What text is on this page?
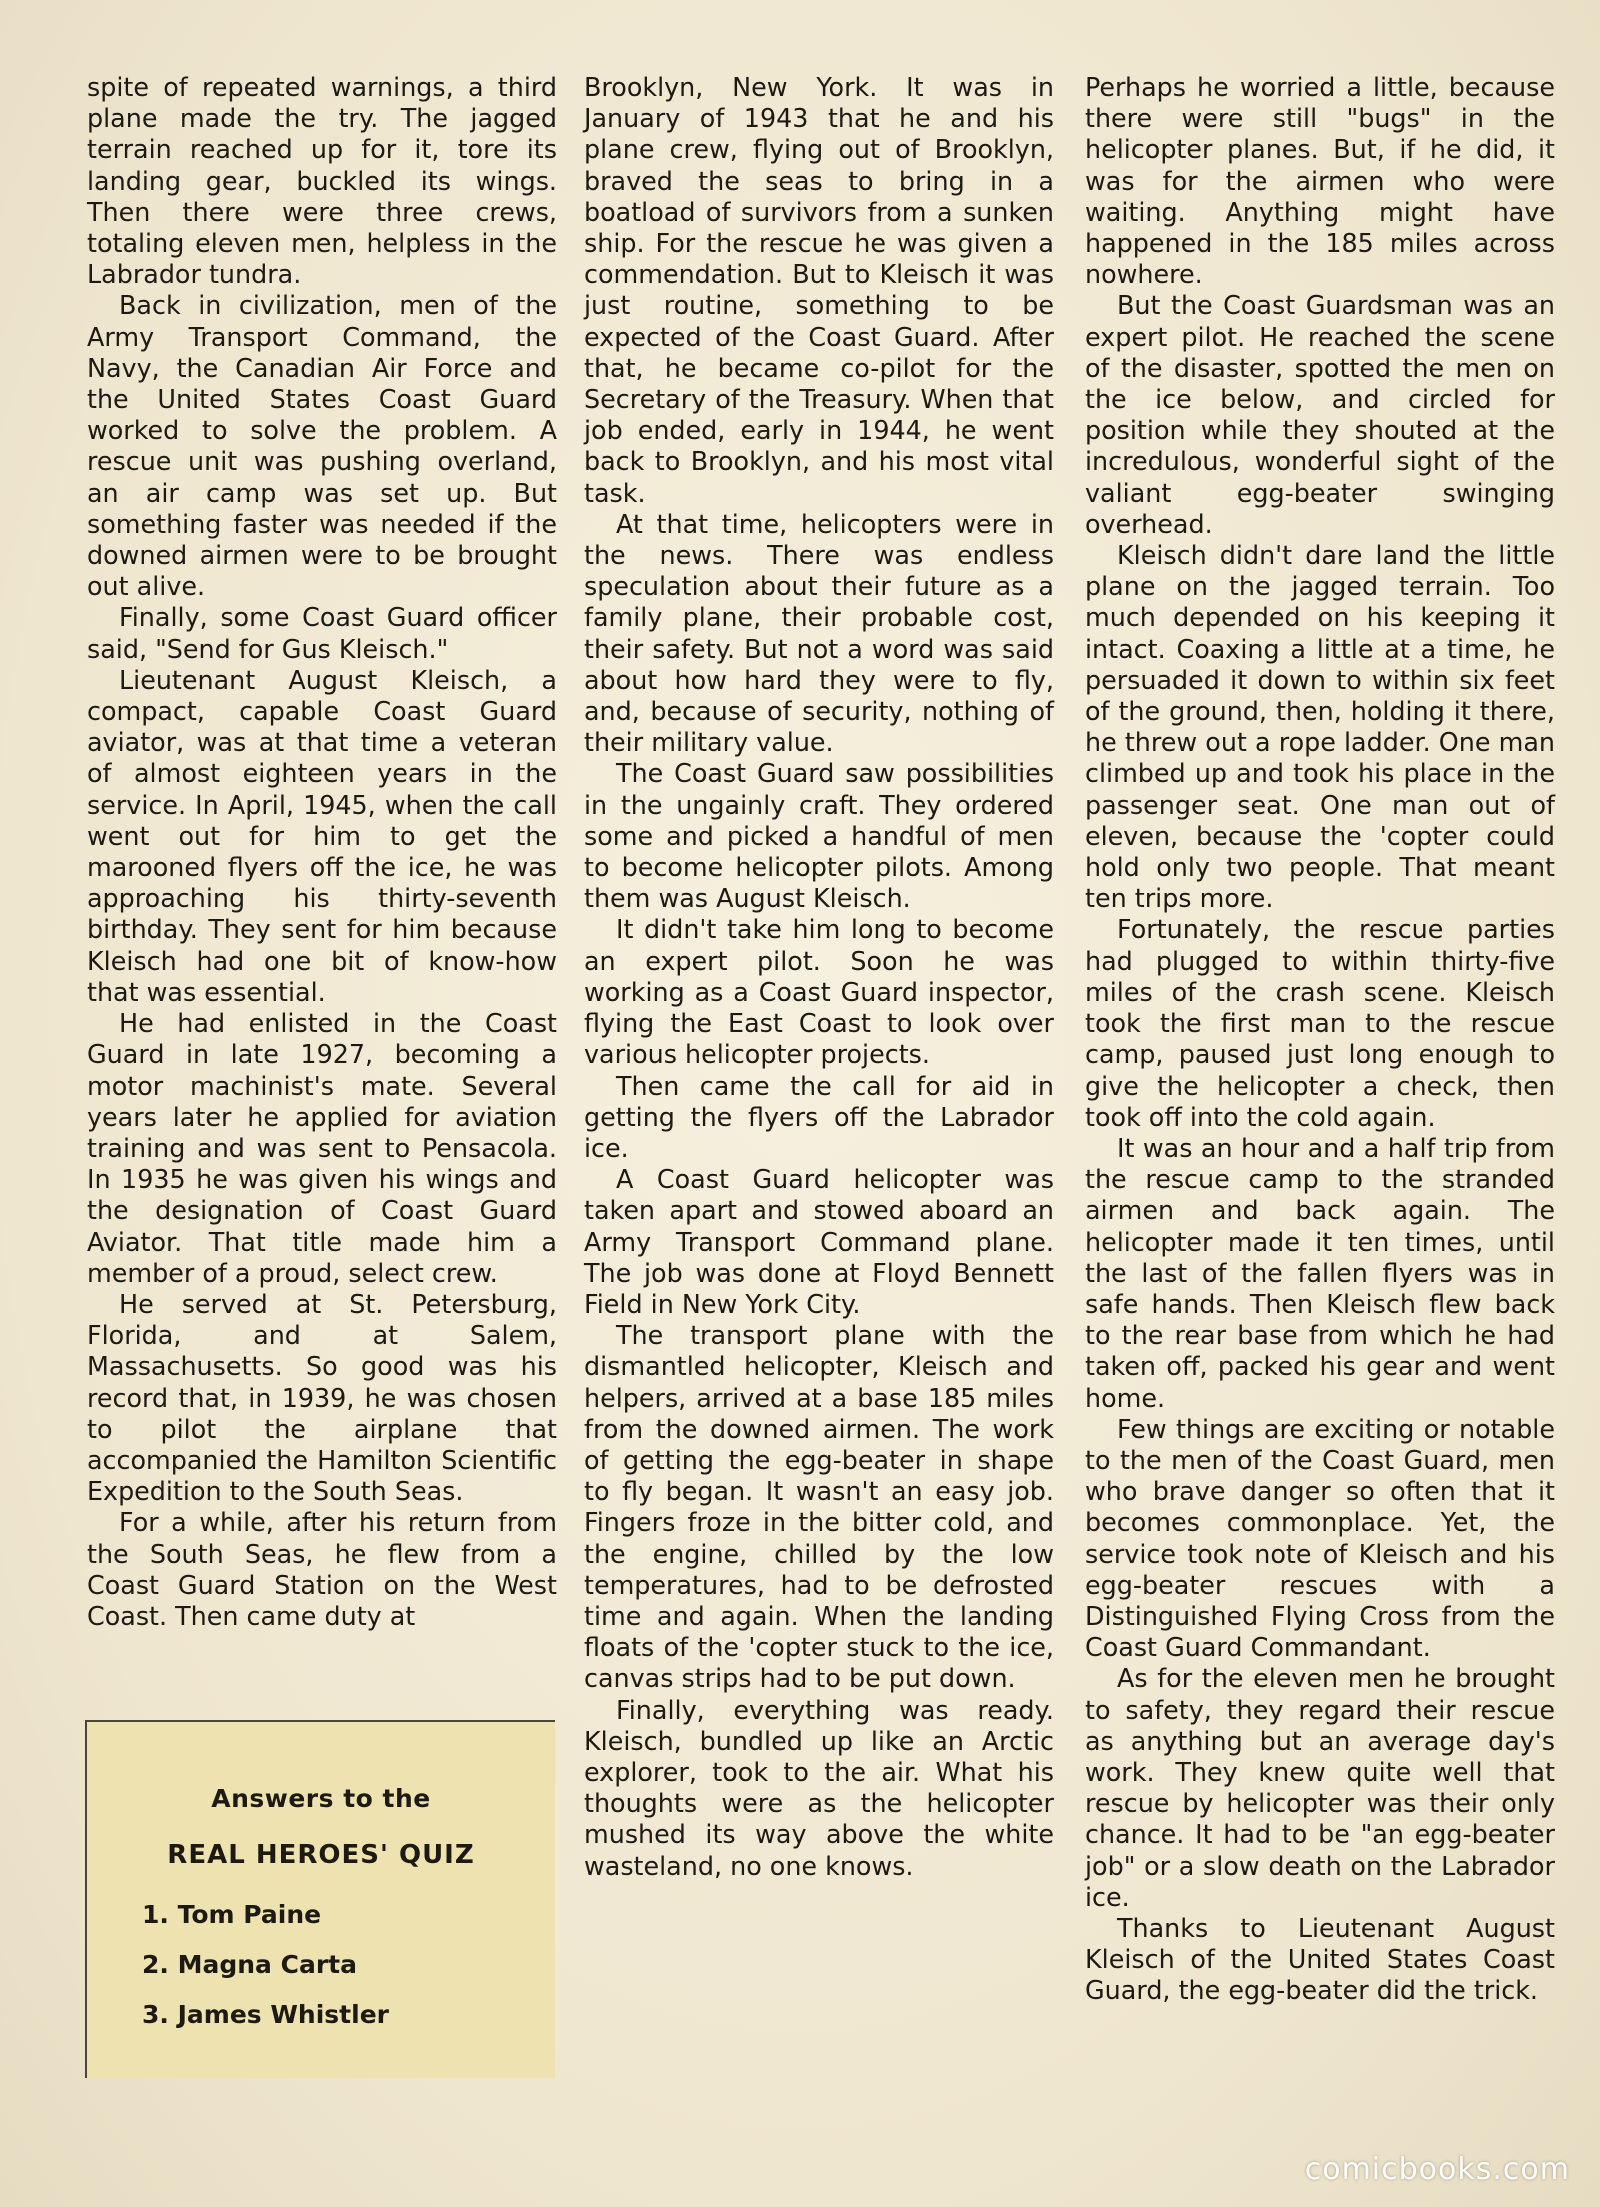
spite of repeated warnings, a third plane made the try. The jagged terrain reached up for it, tore its landing gear, buckled its wings. Then there were three crews, totaling eleven men, helpless in the Labrador tundra.

Back in civilization, men of the Army Transport Command, the Navy, the Canadian Air Force and the United States Coast Guard worked to solve the problem. A rescue unit was pushing overland, an air camp was set up. But something faster was needed if the downed airmen were to be brought out alive.

Finally, some Coast Guard officer said, "Send for Gus Kleisch."

Lieutenant August Kleisch, a compact, capable Coast Guard aviator, was at that time a veteran of almost eighteen years in the service. In April, 1945, when the call went out for him to get the marooned flyers off the ice, he was approaching his thirty-seventh birthday. They sent for him because Kleisch had one bit of know-how that was essential.

He had enlisted in the Coast Guard in late 1927, becoming a motor machinist's mate. Several years later he applied for aviation training and was sent to Pensacola. In 1935 he was given his wings and the designation of Coast Guard Aviator. That title made him a member of a proud, select crew.

He served at St. Petersburg, Florida, and at Salem, Massachusetts. So good was his record that, in 1939, he was chosen to pilot the airplane that accompanied the Hamilton Scientific Expedition to the South Seas.

For a while, after his return from the South Seas, he flew from a Coast Guard Station on the West Coast. Then came duty at

Brooklyn, New York. It was in January of 1943 that he and his plane crew, flying out of Brooklyn, braved the seas to bring in a boatload of survivors from a sunken ship. For the rescue he was given a commendation. But to Kleisch it was just routine, something to be expected of the Coast Guard. After that, he became co-pilot for the Secretary of the Treasury. When that job ended, early in 1944, he went back to Brooklyn, and his most vital task.

At that time, helicopters were in the news. There was endless speculation about their future as a family plane, their probable cost, their safety. But not a word was said about how hard they were to fly, and, because of security, nothing of their military value.

The Coast Guard saw possibilities in the ungainly craft. They ordered some and picked a handful of men to become helicopter pilots. Among them was August Kleisch.

It didn't take him long to become an expert pilot. Soon he was working as a Coast Guard inspector, flying the East Coast to look over various helicopter projects.

Then came the call for aid in getting the flyers off the Labrador ice.

A Coast Guard helicopter was taken apart and stowed aboard an Army Transport Command plane. The job was done at Floyd Bennett Field in New York City.

The transport plane with the dismantled helicopter, Kleisch and helpers, arrived at a base 185 miles from the downed airmen. The work of getting the egg-beater in shape to fly began. It wasn't an easy job. Fingers froze in the bitter cold, and the engine, chilled by the low temperatures, had to be defrosted time and again. When the landing floats of the 'copter stuck to the ice, canvas strips had to be put down.

Finally, everything was ready. Kleisch, bundled up like an Arctic explorer, took to the air. What his thoughts were as the helicopter mushed its way above the white wasteland, no one knows.

Perhaps he worried a little, because there were still "bugs" in the helicopter planes. But, if he did, it was for the airmen who were waiting. Anything might have happened in the 185 miles across nowhere.

But the Coast Guardsman was an expert pilot. He reached the scene of the disaster, spotted the men on the ice below, and circled for position while they shouted at the incredulous, wonderful sight of the valiant egg-beater swinging overhead.

Kleisch didn't dare land the little plane on the jagged terrain. Too much depended on his keeping it intact. Coaxing a little at a time, he persuaded it down to within six feet of the ground, then, holding it there, he threw out a rope ladder. One man climbed up and took his place in the passenger seat. One man out of eleven, because the 'copter could hold only two people. That meant ten trips more.

Fortunately, the rescue parties had plugged to within thirty-five miles of the crash scene. Kleisch took the first man to the rescue camp, paused just long enough to give the helicopter a check, then took off into the cold again.

It was an hour and a half trip from the rescue camp to the stranded airmen and back again. The helicopter made it ten times, until the last of the fallen flyers was in safe hands. Then Kleisch flew back to the rear base from which he had taken off, packed his gear and went home.

Few things are exciting or notable to the men of the Coast Guard, men who brave danger so often that it becomes commonplace. Yet, the service took note of Kleisch and his egg-beater rescues with a Distinguished Flying Cross from the Coast Guard Commandant.

As for the eleven men he brought to safety, they regard their rescue as anything but an average day's work. They knew quite well that rescue by helicopter was their only chance. It had to be "an egg-beater job" or a slow death on the Labrador ice.

Thanks to Lieutenant August Kleisch of the United States Coast Guard, the egg-beater did the trick.

Answers to the
REAL HEROES' QUIZ
1. Tom Paine
2. Magna Carta
3. James Whistler
comicbooks.com
